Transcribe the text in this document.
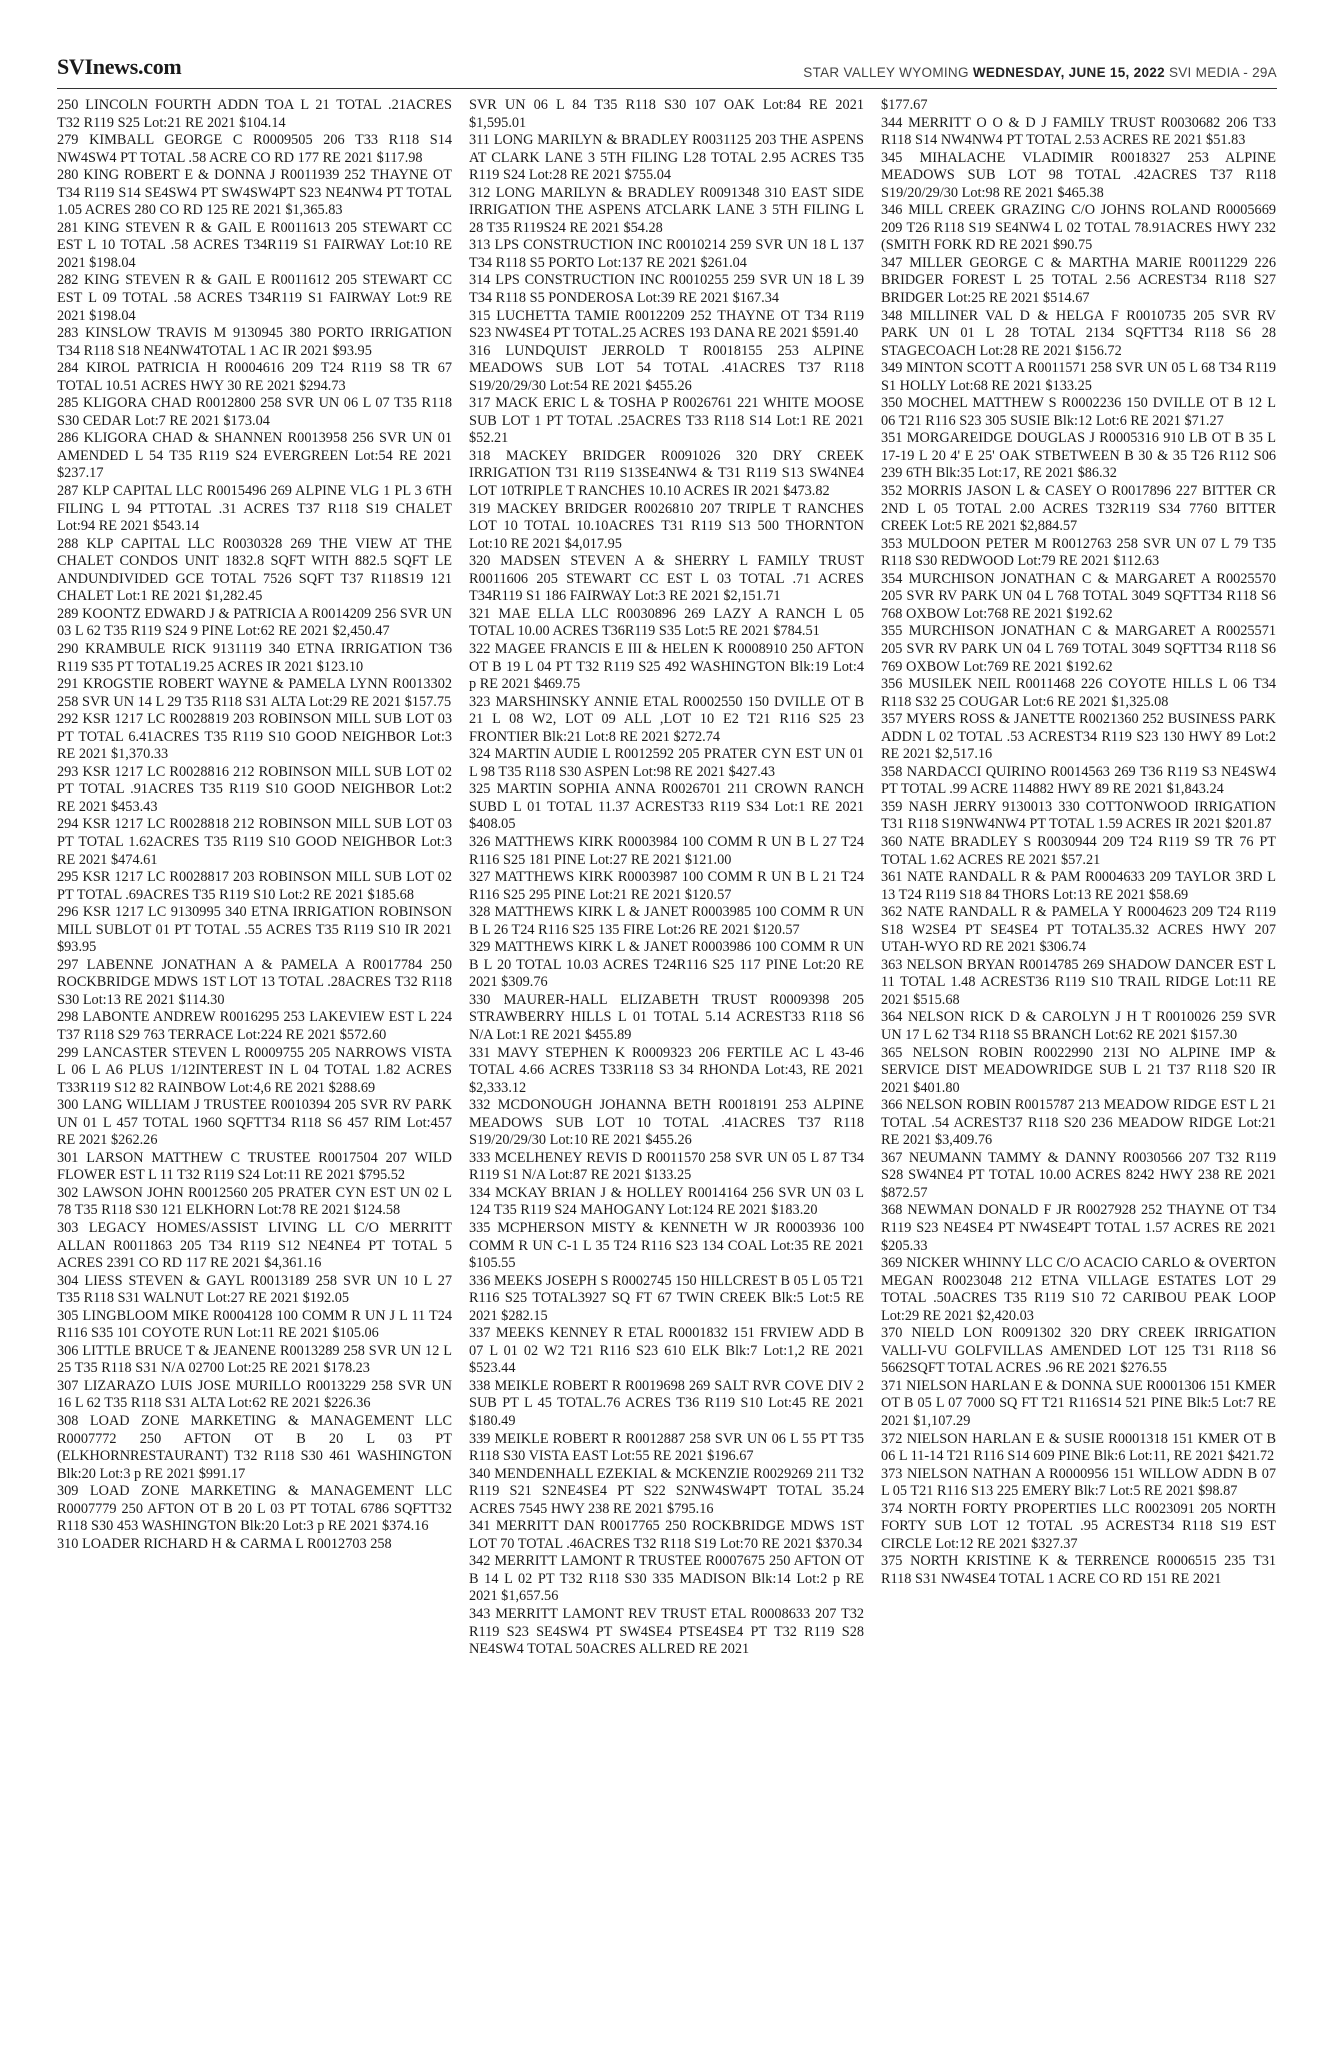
SVInews.com	STAR VALLEY WYOMING WEDNESDAY, JUNE 15, 2022 SVI MEDIA - 29A

250 LINCOLN FOURTH ADDN TOA L 21 TOTAL .21ACRES T32 R119 S25 Lot:21 RE 2021 $104.14

279 KIMBALL GEORGE C R0009505 206 T33 R118 S14 NW4SW4 PT TOTAL .58 ACRE CO RD 177 RE 2021 $117.98

280 KING ROBERT E & DONNA J R0011939 252 THAYNE OT T34 R119 S14 SE4SW4 PT SW4SW4PT S23 NE4NW4 PT TOTAL 1.05 ACRES 280 CO RD 125 RE 2021 $1,365.83

281 KING STEVEN R & GAIL E R0011613 205 STEWART CC EST L 10 TOTAL .58 ACRES T34R119 S1 FAIRWAY Lot:10 RE 2021 $198.04

282 KING STEVEN R & GAIL E R0011612 205 STEWART CC EST L 09 TOTAL .58 ACRES T34R119 S1 FAIRWAY Lot:9 RE 2021 $198.04

283 KINSLOW TRAVIS M 9130945 380 PORTO IRRIGATION T34 R118 S18 NE4NW4TOTAL 1 AC IR 2021 $93.95

284 KIROL PATRICIA H R0004616 209 T24 R119 S8 TR 67 TOTAL 10.51 ACRES HWY 30 RE 2021 $294.73

285 KLIGORA CHAD R0012800 258 SVR UN 06 L 07 T35 R118 S30 CEDAR Lot:7 RE 2021 $173.04

286 KLIGORA CHAD & SHANNEN R0013958 256 SVR UN 01 AMENDED L 54 T35 R119 S24 EVERGREEN Lot:54 RE 2021 $237.17

287 KLP CAPITAL LLC R0015496 269 ALPINE VLG 1 PL 3 6TH FILING L 94 PTTOTAL .31 ACRES T37 R118 S19 CHALET Lot:94 RE 2021 $543.14

288 KLP CAPITAL LLC R0030328 269 THE VIEW AT THE CHALET CONDOS UNIT 1832.8 SQFT WITH 882.5 SQFT LE ANDUNDIVIDED GCE TOTAL 7526 SQFT T37 R118S19 121 CHALET Lot:1 RE 2021 $1,282.45

289 KOONTZ EDWARD J & PATRICIA A R0014209 256 SVR UN 03 L 62 T35 R119 S24 9 PINE Lot:62 RE 2021 $2,450.47

290 KRAMBULE RICK 9131119 340 ETNA IRRIGATION T36 R119 S35 PT TOTAL19.25 ACRES IR 2021 $123.10

291 KROGSTIE ROBERT WAYNE & PAMELA LYNN R0013302 258 SVR UN 14 L 29 T35 R118 S31 ALTA Lot:29 RE 2021 $157.75

292 KSR 1217 LC R0028819 203 ROBINSON MILL SUB LOT 03 PT TOTAL 6.41ACRES T35 R119 S10 GOOD NEIGHBOR Lot:3 RE 2021 $1,370.33

293 KSR 1217 LC R0028816 212 ROBINSON MILL SUB LOT 02 PT TOTAL .91ACRES T35 R119 S10 GOOD NEIGHBOR Lot:2 RE 2021 $453.43

294 KSR 1217 LC R0028818 212 ROBINSON MILL SUB LOT 03 PT TOTAL 1.62ACRES T35 R119 S10 GOOD NEIGHBOR Lot:3 RE 2021 $474.61

295 KSR 1217 LC R0028817 203 ROBINSON MILL SUB LOT 02 PT TOTAL .69ACRES T35 R119 S10 Lot:2 RE 2021 $185.68

296 KSR 1217 LC 9130995 340 ETNA IRRIGATION ROBINSON MILL SUBLOT 01 PT TOTAL .55 ACRES T35 R119 S10 IR 2021 $93.95

297 LABENNE JONATHAN A & PAMELA A R0017784 250 ROCKBRIDGE MDWS 1ST LOT 13 TOTAL .28ACRES T32 R118 S30 Lot:13 RE 2021 $114.30

298 LABONTE ANDREW R0016295 253 LAKEVIEW EST L 224 T37 R118 S29 763 TERRACE Lot:224 RE 2021 $572.60

299 LANCASTER STEVEN L R0009755 205 NARROWS VISTA L 06 L A6 PLUS 1/12INTEREST IN L 04 TOTAL 1.82 ACRES T33R119 S12 82 RAINBOW Lot:4,6 RE 2021 $288.69

300 LANG WILLIAM J TRUSTEE R0010394 205 SVR RV PARK UN 01 L 457 TOTAL 1960 SQFTT34 R118 S6 457 RIM Lot:457 RE 2021 $262.26

301 LARSON MATTHEW C TRUSTEE R0017504 207 WILD FLOWER EST L 11 T32 R119 S24 Lot:11 RE 2021 $795.52

302 LAWSON JOHN R0012560 205 PRATER CYN EST UN 02 L 78 T35 R118 S30 121 ELKHORN Lot:78 RE 2021 $124.58

303 LEGACY HOMES/ASSIST LIVING LL C/O MERRITT ALLAN R0011863 205 T34 R119 S12 NE4NE4 PT TOTAL 5 ACRES 2391 CO RD 117 RE 2021 $4,361.16

304 LIESS STEVEN & GAYL R0013189 258 SVR UN 10 L 27 T35 R118 S31 WALNUT Lot:27 RE 2021 $192.05

305 LINGBLOOM MIKE R0004128 100 COMM R UN J L 11 T24 R116 S35 101 COYOTE RUN Lot:11 RE 2021 $105.06

306 LITTLE BRUCE T & JEANENE R0013289 258 SVR UN 12 L 25 T35 R118 S31 N/A 02700 Lot:25 RE 2021 $178.23

307 LIZARAZO LUIS JOSE MURILLO R0013229 258 SVR UN 16 L 62 T35 R118 S31 ALTA Lot:62 RE 2021 $226.36

308 LOAD ZONE MARKETING & MANAGEMENT LLC R0007772 250 AFTON OT B 20 L 03 PT (ELKHORNRESTAURANT) T32 R118 S30 461 WASHINGTON Blk:20 Lot:3 p RE 2021 $991.17

309 LOAD ZONE MARKETING & MANAGEMENT LLC R0007779 250 AFTON OT B 20 L 03 PT TOTAL 6786 SQFTT32 R118 S30 453 WASHINGTON Blk:20 Lot:3 p RE 2021 $374.16

310 LOADER RICHARD H & CARMA L R0012703 258

SVR UN 06 L 84 T35 R118 S30 107 OAK Lot:84 RE 2021 $1,595.01

311 LONG MARILYN & BRADLEY R0031125 203 THE ASPENS AT CLARK LANE 3 5TH FILING L28 TOTAL 2.95 ACRES T35 R119 S24 Lot:28 RE 2021 $755.04

312 LONG MARILYN & BRADLEY R0091348 310 EAST SIDE IRRIGATION THE ASPENS ATCLARK LANE 3 5TH FILING L 28 T35 R119S24 RE 2021 $54.28

313 LPS CONSTRUCTION INC R0010214 259 SVR UN 18 L 137 T34 R118 S5 PORTO Lot:137 RE 2021 $261.04

314 LPS CONSTRUCTION INC R0010255 259 SVR UN 18 L 39 T34 R118 S5 PONDEROSA Lot:39 RE 2021 $167.34

315 LUCHETTA TAMIE R0012209 252 THAYNE OT T34 R119 S23 NW4SE4 PT TOTAL.25 ACRES 193 DANA RE 2021 $591.40

316 LUNDQUIST JERROLD T R0018155 253 ALPINE MEADOWS SUB LOT 54 TOTAL .41ACRES T37 R118 S19/20/29/30 Lot:54 RE 2021 $455.26

317 MACK ERIC L & TOSHA P R0026761 221 WHITE MOOSE SUB LOT 1 PT TOTAL .25ACRES T33 R118 S14 Lot:1 RE 2021 $52.21

318 MACKEY BRIDGER R0091026 320 DRY CREEK IRRIGATION T31 R119 S13SE4NW4 & T31 R119 S13 SW4NE4 LOT 10TRIPLE T RANCHES 10.10 ACRES IR 2021 $473.82

319 MACKEY BRIDGER R0026810 207 TRIPLE T RANCHES LOT 10 TOTAL 10.10ACRES T31 R119 S13 500 THORNTON Lot:10 RE 2021 $4,017.95

320 MADSEN STEVEN A & SHERRY L FAMILY TRUST R0011606 205 STEWART CC EST L 03 TOTAL .71 ACRES T34R119 S1 186 FAIRWAY Lot:3 RE 2021 $2,151.71

321 MAE ELLA LLC R0030896 269 LAZY A RANCH L 05 TOTAL 10.00 ACRES T36R119 S35 Lot:5 RE 2021 $784.51

322 MAGEE FRANCIS E III & HELEN K R0008910 250 AFTON OT B 19 L 04 PT T32 R119 S25 492 WASHINGTON Blk:19 Lot:4 p RE 2021 $469.75

323 MARSHINSKY ANNIE ETAL R0002550 150 DVILLE OT B 21 L 08 W2, LOT 09 ALL ,LOT 10 E2 T21 R116 S25 23 FRONTIER Blk:21 Lot:8 RE 2021 $272.74

324 MARTIN AUDIE L R0012592 205 PRATER CYN EST UN 01 L 98 T35 R118 S30 ASPEN Lot:98 RE 2021 $427.43

325 MARTIN SOPHIA ANNA R0026701 211 CROWN RANCH SUBD L 01 TOTAL 11.37 ACREST33 R119 S34 Lot:1 RE 2021 $408.05

326 MATTHEWS KIRK R0003984 100 COMM R UN B L 27 T24 R116 S25 181 PINE Lot:27 RE 2021 $121.00

327 MATTHEWS KIRK R0003987 100 COMM R UN B L 21 T24 R116 S25 295 PINE Lot:21 RE 2021 $120.57

328 MATTHEWS KIRK L & JANET R0003985 100 COMM R UN B L 26 T24 R116 S25 135 FIRE Lot:26 RE 2021 $120.57

329 MATTHEWS KIRK L & JANET R0003986 100 COMM R UN B L 20 TOTAL 10.03 ACRES T24R116 S25 117 PINE Lot:20 RE 2021 $309.76

330 MAURER-HALL ELIZABETH TRUST R0009398 205 STRAWBERRY HILLS L 01 TOTAL 5.14 ACREST33 R118 S6 N/A Lot:1 RE 2021 $455.89

331 MAVY STEPHEN K R0009323 206 FERTILE AC L 43-46 TOTAL 4.66 ACRES T33R118 S3 34 RHONDA Lot:43, RE 2021 $2,333.12

332 MCDONOUGH JOHANNA BETH R0018191 253 ALPINE MEADOWS SUB LOT 10 TOTAL .41ACRES T37 R118 S19/20/29/30 Lot:10 RE 2021 $455.26

333 MCELHENEY REVIS D R0011570 258 SVR UN 05 L 87 T34 R119 S1 N/A Lot:87 RE 2021 $133.25

334 MCKAY BRIAN J & HOLLEY R0014164 256 SVR UN 03 L 124 T35 R119 S24 MAHOGANY Lot:124 RE 2021 $183.20

335 MCPHERSON MISTY & KENNETH W JR R0003936 100 COMM R UN C-1 L 35 T24 R116 S23 134 COAL Lot:35 RE 2021 $105.55

336 MEEKS JOSEPH S R0002745 150 HILLCREST B 05 L 05 T21 R116 S25 TOTAL3927 SQ FT 67 TWIN CREEK Blk:5 Lot:5 RE 2021 $282.15

337 MEEKS KENNEY R ETAL R0001832 151 FRVIEW ADD B 07 L 01 02 W2 T21 R116 S23 610 ELK Blk:7 Lot:1,2 RE 2021 $523.44

338 MEIKLE ROBERT R R0019698 269 SALT RVR COVE DIV 2 SUB PT L 45 TOTAL.76 ACRES T36 R119 S10 Lot:45 RE 2021 $180.49

339 MEIKLE ROBERT R R0012887 258 SVR UN 06 L 55 PT T35 R118 S30 VISTA EAST Lot:55 RE 2021 $196.67

340 MENDENHALL EZEKIAL & MCKENZIE R0029269 211 T32 R119 S21 S2NE4SE4 PT S22 S2NW4SW4PT TOTAL 35.24 ACRES 7545 HWY 238 RE 2021 $795.16

341 MERRITT DAN R0017765 250 ROCKBRIDGE MDWS 1ST LOT 70 TOTAL .46ACRES T32 R118 S19 Lot:70 RE 2021 $370.34

342 MERRITT LAMONT R TRUSTEE R0007675 250 AFTON OT B 14 L 02 PT T32 R118 S30 335 MADISON Blk:14 Lot:2 p RE 2021 $1,657.56

343 MERRITT LAMONT REV TRUST ETAL R0008633 207 T32 R119 S23 SE4SW4 PT SW4SE4 PTSE4SE4 PT T32 R119 S28 NE4SW4 TOTAL 50ACRES ALLRED RE 2021

$177.67

344 MERRITT O O & D J FAMILY TRUST R0030682 206 T33 R118 S14 NW4NW4 PT TOTAL 2.53 ACRES RE 2021 $51.83

345 MIHALACHE VLADIMIR R0018327 253 ALPINE MEADOWS SUB LOT 98 TOTAL .42ACRES T37 R118 S19/20/29/30 Lot:98 RE 2021 $465.38

346 MILL CREEK GRAZING C/O JOHNS ROLAND R0005669 209 T26 R118 S19 SE4NW4 L 02 TOTAL 78.91ACRES HWY 232 (SMITH FORK RD RE 2021 $90.75

347 MILLER GEORGE C & MARTHA MARIE R0011229 226 BRIDGER FOREST L 25 TOTAL 2.56 ACREST34 R118 S27 BRIDGER Lot:25 RE 2021 $514.67

348 MILLINER VAL D & HELGA F R0010735 205 SVR RV PARK UN 01 L 28 TOTAL 2134 SQFTT34 R118 S6 28 STAGECOACH Lot:28 RE 2021 $156.72

349 MINTON SCOTT A R0011571 258 SVR UN 05 L 68 T34 R119 S1 HOLLY Lot:68 RE 2021 $133.25

350 MOCHEL MATTHEW S R0002236 150 DVILLE OT B 12 L 06 T21 R116 S23 305 SUSIE Blk:12 Lot:6 RE 2021 $71.27

351 MORGAREIDGE DOUGLAS J R0005316 910 LB OT B 35 L 17-19 L 20 4' E 25' OAK STBETWEEN B 30 & 35 T26 R112 S06 239 6TH Blk:35 Lot:17, RE 2021 $86.32

352 MORRIS JASON L & CASEY O R0017896 227 BITTER CR 2ND L 05 TOTAL 2.00 ACRES T32R119 S34 7760 BITTER CREEK Lot:5 RE 2021 $2,884.57

353 MULDOON PETER M R0012763 258 SVR UN 07 L 79 T35 R118 S30 REDWOOD Lot:79 RE 2021 $112.63

354 MURCHISON JONATHAN C & MARGARET A R0025570 205 SVR RV PARK UN 04 L 768 TOTAL 3049 SQFTT34 R118 S6 768 OXBOW Lot:768 RE 2021 $192.62

355 MURCHISON JONATHAN C & MARGARET A R0025571 205 SVR RV PARK UN 04 L 769 TOTAL 3049 SQFTT34 R118 S6 769 OXBOW Lot:769 RE 2021 $192.62

356 MUSILEK NEIL R0011468 226 COYOTE HILLS L 06 T34 R118 S32 25 COUGAR Lot:6 RE 2021 $1,325.08

357 MYERS ROSS & JANETTE R0021360 252 BUSINESS PARK ADDN L 02 TOTAL .53 ACREST34 R119 S23 130 HWY 89 Lot:2 RE 2021 $2,517.16

358 NARDACCI QUIRINO R0014563 269 T36 R119 S3 NE4SW4 PT TOTAL .99 ACRE 114882 HWY 89 RE 2021 $1,843.24

359 NASH JERRY 9130013 330 COTTONWOOD IRRIGATION T31 R118 S19NW4NW4 PT TOTAL 1.59 ACRES IR 2021 $201.87

360 NATE BRADLEY S R0030944 209 T24 R119 S9 TR 76 PT TOTAL 1.62 ACRES RE 2021 $57.21

361 NATE RANDALL R & PAM R0004633 209 TAYLOR 3RD L 13 T24 R119 S18 84 THORS Lot:13 RE 2021 $58.69

362 NATE RANDALL R & PAMELA Y R0004623 209 T24 R119 S18 W2SE4 PT SE4SE4 PT TOTAL35.32 ACRES HWY 207 UTAH-WYO RD RE 2021 $306.74

363 NELSON BRYAN R0014785 269 SHADOW DANCER EST L 11 TOTAL 1.48 ACREST36 R119 S10 TRAIL RIDGE Lot:11 RE 2021 $515.68

364 NELSON RICK D & CAROLYN J H T R0010026 259 SVR UN 17 L 62 T34 R118 S5 BRANCH Lot:62 RE 2021 $157.30

365 NELSON ROBIN R0022990 213I NO ALPINE IMP & SERVICE DIST MEADOWRIDGE SUB L 21 T37 R118 S20 IR 2021 $401.80

366 NELSON ROBIN R0015787 213 MEADOW RIDGE EST L 21 TOTAL .54 ACREST37 R118 S20 236 MEADOW RIDGE Lot:21 RE 2021 $3,409.76

367 NEUMANN TAMMY & DANNY R0030566 207 T32 R119 S28 SW4NE4 PT TOTAL 10.00 ACRES 8242 HWY 238 RE 2021 $872.57

368 NEWMAN DONALD F JR R0027928 252 THAYNE OT T34 R119 S23 NE4SE4 PT NW4SE4PT TOTAL 1.57 ACRES RE 2021 $205.33

369 NICKER WHINNY LLC C/O ACACIO CARLO & OVERTON MEGAN R0023048 212 ETNA VILLAGE ESTATES LOT 29 TOTAL .50ACRES T35 R119 S10 72 CARIBOU PEAK LOOP Lot:29 RE 2021 $2,420.03

370 NIELD LON R0091302 320 DRY CREEK IRRIGATION VALLI-VU GOLFVILLAS AMENDED LOT 125 T31 R118 S6 5662SQFT TOTAL ACRES .96 RE 2021 $276.55

371 NIELSON HARLAN E & DONNA SUE R0001306 151 KMER OT B 05 L 07 7000 SQ FT T21 R116S14 521 PINE Blk:5 Lot:7 RE 2021 $1,107.29

372 NIELSON HARLAN E & SUSIE R0001318 151 KMER OT B 06 L 11-14 T21 R116 S14 609 PINE Blk:6 Lot:11, RE 2021 $421.72

373 NIELSON NATHAN A R0000956 151 WILLOW ADDN B 07 L 05 T21 R116 S13 225 EMERY Blk:7 Lot:5 RE 2021 $98.87

374 NORTH FORTY PROPERTIES LLC R0023091 205 NORTH FORTY SUB LOT 12 TOTAL .95 ACREST34 R118 S19 EST CIRCLE Lot:12 RE 2021 $327.37

375 NORTH KRISTINE K & TERRENCE R0006515 235 T31 R118 S31 NW4SE4 TOTAL 1 ACRE CO RD 151 RE 2021
